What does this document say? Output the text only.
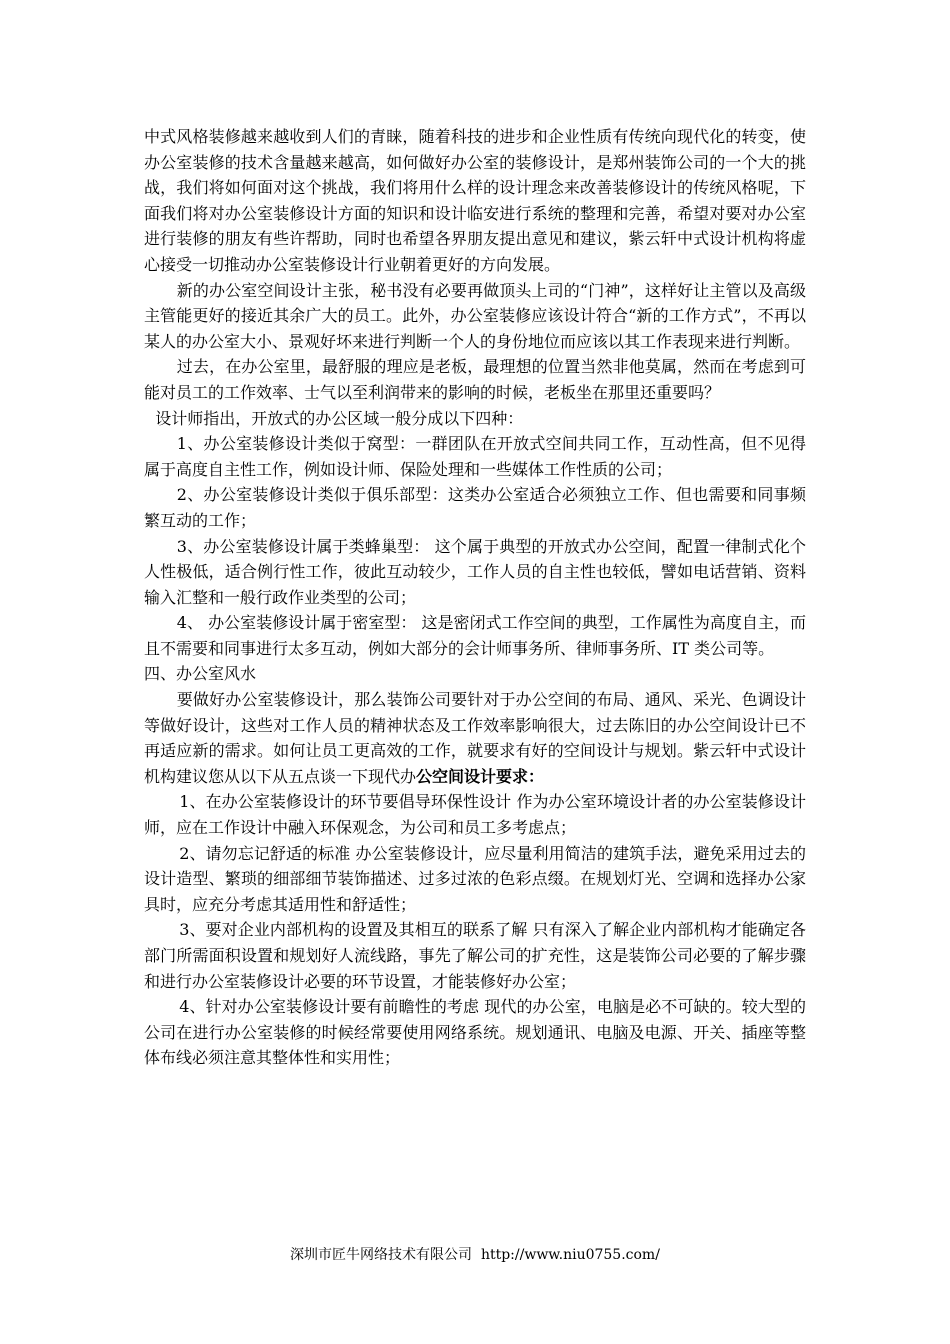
中式风格装修越来越收到人们的青睐，随着科技的进步和企业性质有传统向现代化的转变，使办公室装修的技术含量越来越高，如何做好办公室的装修设计，是郑州装饰公司的一个大的挑战，我们将如何面对这个挑战，我们将用什么样的设计理念来改善装修设计的传统风格呢，下面我们将对办公室装修设计方面的知识和设计临安进行系统的整理和完善，希望对要对办公室进行装修的朋友有些许帮助，同时也希望各界朋友提出意见和建议，紫云轩中式设计机构将虚心接受一切推动办公室装修设计行业朝着更好的方向发展。

新的办公室空间设计主张，秘书没有必要再做顶头上司的“门神”，这样好让主管以及高级主管能更好的接近其余广大的员工。此外，办公室装修应该设计符合“新的工作方式”，不再以某人的办公室大小、景观好坏来进行判断一个人的身份地位而应该以其工作表现来进行判断。

过去，在办公室里，最舒服的理应是老板，最理想的位置当然非他莫属，然而在考虑到可能对员工的工作效率、士气以至利润带来的影响的时候，老板坐在那里还重要吗？

设计师指出，开放式的办公区域一般分成以下四种：

1、办公室装修设计类似于窝型：一群团队在开放式空间共同工作，互动性高，但不见得属于高度自主性工作，例如设计师、保险处理和一些媒体工作性质的公司；

2、办公室装修设计类似于俱乐部型：这类办公室适合必须独立工作、但也需要和同事频繁互动的工作；

3、办公室装修设计属于类蜂巢型： 这个属于典型的开放式办公空间，配置一律制式化个人性极低，适合例行性工作，彼此互动较少，工作人员的自主性也较低，譬如电话营销、资料输入汇整和一般行政作业类型的公司；

4、 办公室装修设计属于密室型： 这是密闭式工作空间的典型，工作属性为高度自主，而且不需要和同事进行太多互动，例如大部分的会计师事务所、律师事务所、IT 类公司等。

四、办公室风水

要做好办公室装修设计，那么装饰公司要针对于办公空间的布局、通风、采光、色调设计等做好设计，这些对工作人员的精神状态及工作效率影响很大，过去陈旧的办公空间设计已不再适应新的需求。如何让员工更高效的工作，就要求有好的空间设计与规划。紫云轩中式设计机构建议您从以下从五点谈一下现代办公空间设计要求：

1、在办公室装修设计的环节要倡导环保性设计 作为办公室环境设计者的办公室装修设计师，应在工作设计中融入环保观念，为公司和员工多考虑点；

2、请勿忘记舒适的标准 办公室装修设计，应尽量利用简洁的建筑手法，避免采用过去的设计造型、繁琐的细部细节装饰描述、过多过浓的色彩点缀。在规划灯光、空调和选择办公家具时，应充分考虑其适用性和舒适性；

3、要对企业内部机构的设置及其相互的联系了解 只有深入了解企业内部机构才能确定各部门所需面积设置和规划好人流线路，事先了解公司的扩充性，这是装饰公司必要的了解步骤和进行办公室装修设计必要的环节设置，才能装修好办公室；

4、针对办公室装修设计要有前瞻性的考虑 现代的办公室，电脑是必不可缺的。较大型的公司在进行办公室装修的时候经常要使用网络系统。规划通讯、电脑及电源、开关、插座等整体布线必须注意其整体性和实用性；

深圳市匠牛网络技术有限公司 http://www.niu0755.com/
